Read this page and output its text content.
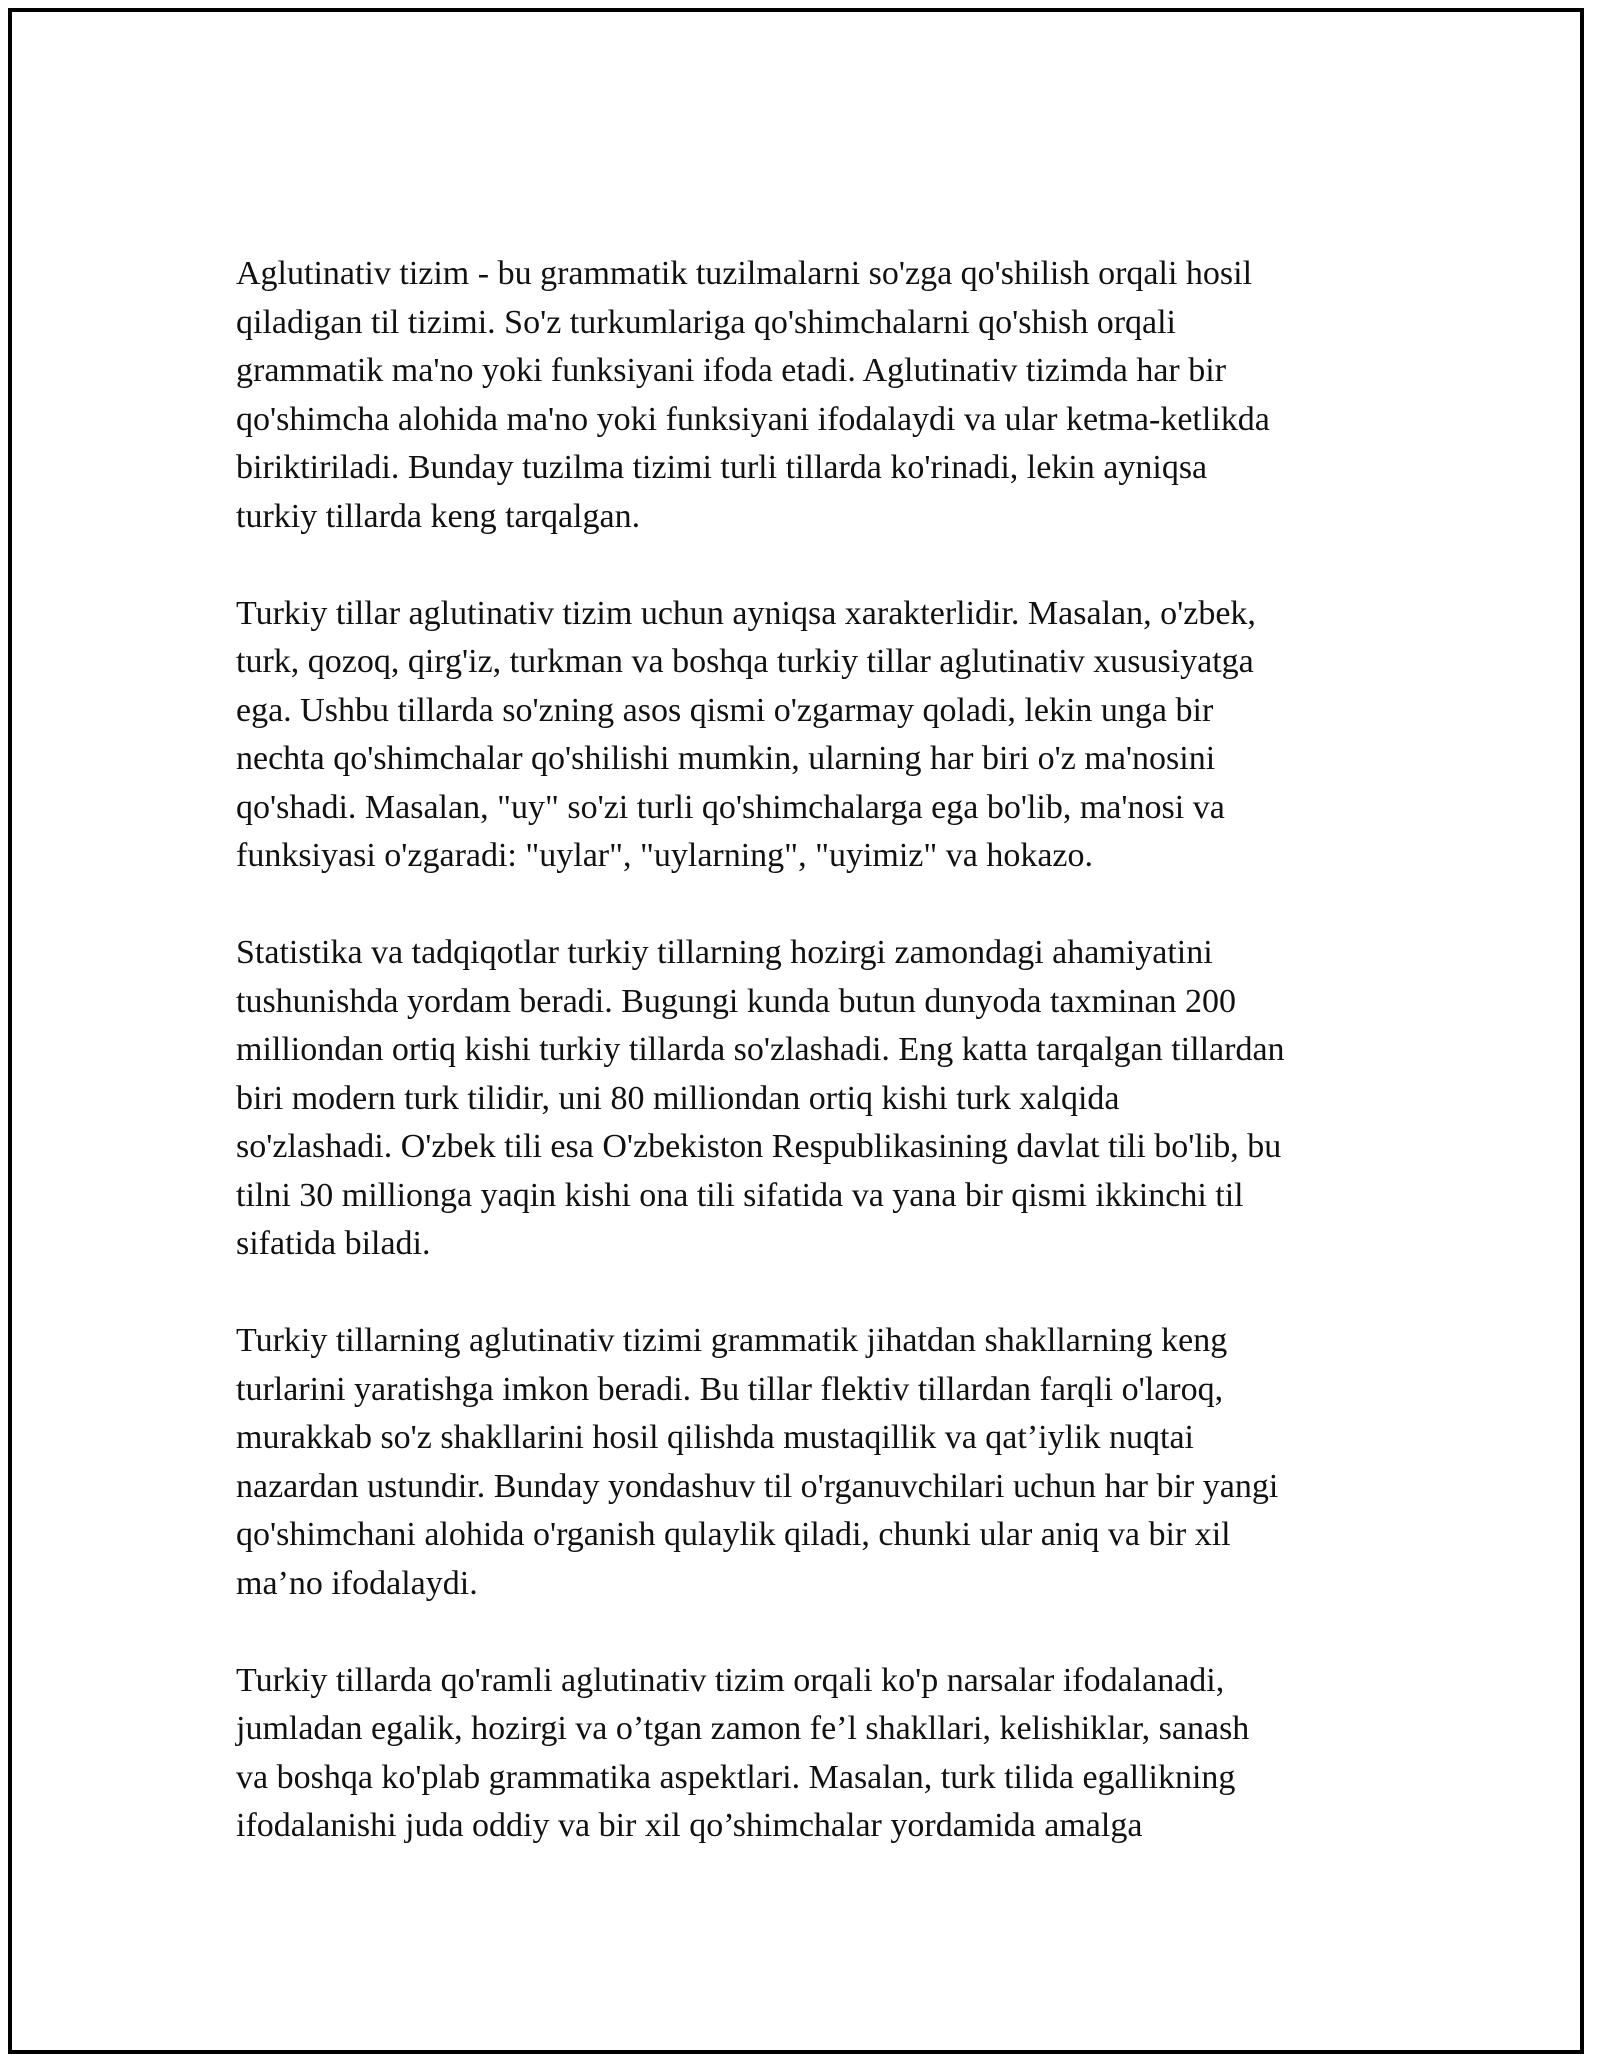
Aglutinativ tizim - bu grammatik tuzilmalarni so'zga qo'shilish orqali hosil
qiladigan til tizimi. So'z turkumlariga qo'shimchalarni qo'shish orqali
grammatik ma'no yoki funksiyani ifoda etadi. Aglutinativ tizimda har bir
qo'shimcha alohida ma'no yoki funksiyani ifodalaydi va ular ketma-ketlikda
biriktiriladi. Bunday tuzilma tizimi turli tillarda ko'rinadi, lekin ayniqsa
turkiy tillarda keng tarqalgan.

Turkiy tillar aglutinativ tizim uchun ayniqsa xarakterlidir. Masalan, o'zbek,
turk, qozoq, qirg'iz, turkman va boshqa turkiy tillar aglutinativ xususiyatga
ega. Ushbu tillarda so'zning asos qismi o'zgarmay qoladi, lekin unga bir
nechta qo'shimchalar qo'shilishi mumkin, ularning har biri o'z ma'nosini
qo'shadi. Masalan, "uy" so'zi turli qo'shimchalarga ega bo'lib, ma'nosi va
funksiyasi o'zgaradi: "uylar", "uylarning", "uyimiz" va hokazo.

Statistika va tadqiqotlar turkiy tillarning hozirgi zamondagi ahamiyatini
tushunishda yordam beradi. Bugungi kunda butun dunyoda taxminan 200
milliondan ortiq kishi turkiy tillarda so'zlashadi. Eng katta tarqalgan tillardan
biri modern turk tilidir, uni 80 milliondan ortiq kishi turk xalqida
so'zlashadi. O'zbek tili esa O'zbekiston Respublikasining davlat tili bo'lib, bu
tilni 30 millionga yaqin kishi ona tili sifatida va yana bir qismi ikkinchi til
sifatida biladi.

Turkiy tillarning aglutinativ tizimi grammatik jihatdan shakllarning keng
turlarini yaratishga imkon beradi. Bu tillar flektiv tillardan farqli o'laroq,
murakkab so'z shakllarini hosil qilishda mustaqillik va qat’iylik nuqtai
nazardan ustundir. Bunday yondashuv til o'rganuvchilari uchun har bir yangi
qo'shimchani alohida o'rganish qulaylik qiladi, chunki ular aniq va bir xil
ma’no ifodalaydi.

Turkiy tillarda qo'ramli aglutinativ tizim orqali ko'p narsalar ifodalanadi,
jumladan egalik, hozirgi va o’tgan zamon fe’l shakllari, kelishiklar, sanash
va boshqa ko'plab grammatika aspektlari. Masalan, turk tilida egallikning
ifodalanishi juda oddiy va bir xil qo’shimchalar yordamida amalga
